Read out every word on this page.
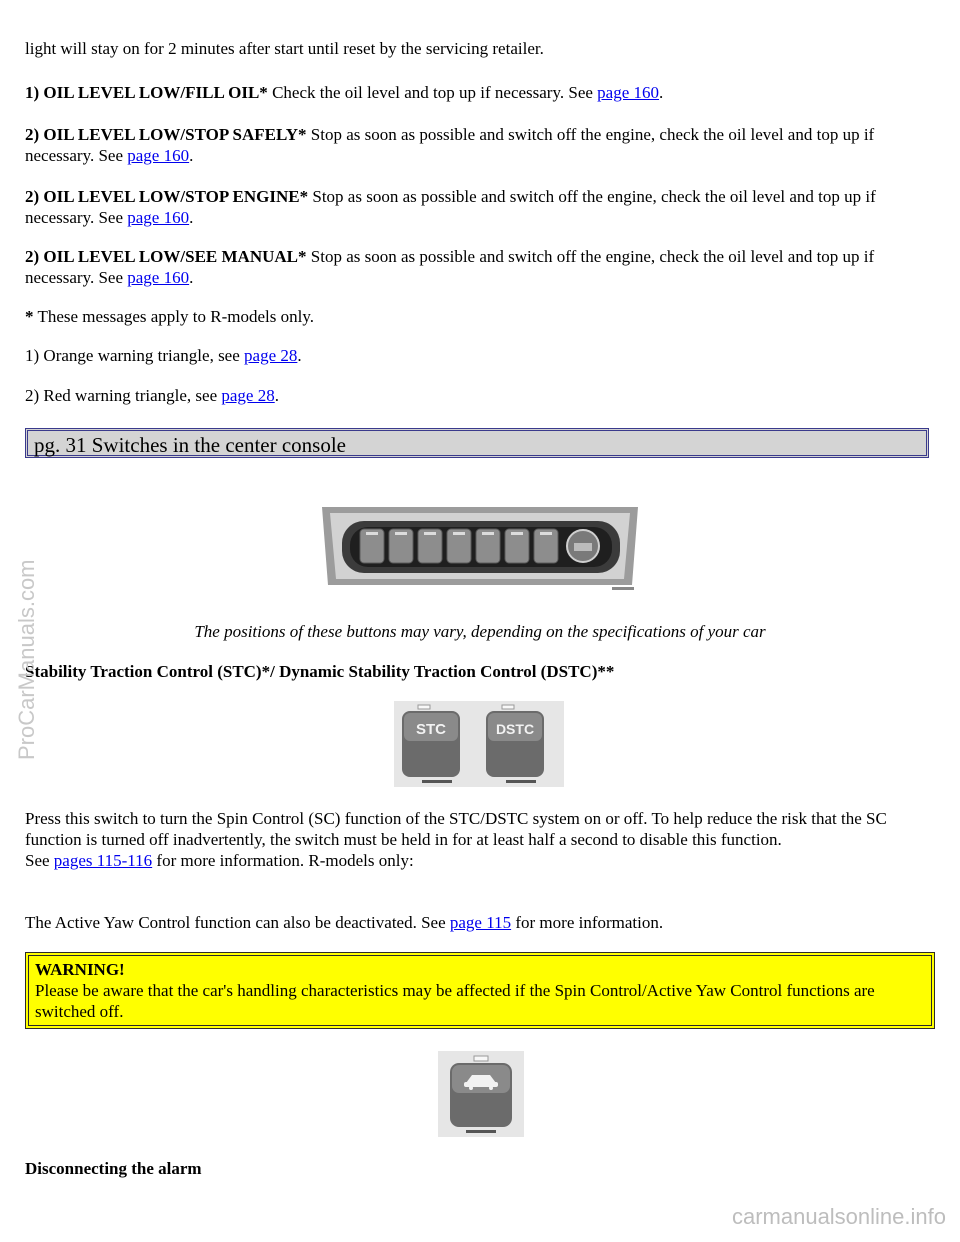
light will stay on for 2 minutes after start until reset by the servicing retailer.

1) OIL LEVEL LOW/FILL OIL* Check the oil level and top up if necessary. See page 160.

2) OIL LEVEL LOW/STOP SAFELY* Stop as soon as possible and switch off the engine, check the oil level and top up if necessary. See page 160.

2) OIL LEVEL LOW/STOP ENGINE* Stop as soon as possible and switch off the engine, check the oil level and top up if necessary. See page 160.

2) OIL LEVEL LOW/SEE MANUAL* Stop as soon as possible and switch off the engine, check the oil level and top up if necessary. See page 160.

* These messages apply to R-models only.

1) Orange warning triangle, see page 28.

2) Red warning triangle, see page 28.

pg. 31 Switches in the center console

The positions of these buttons may vary, depending on the specifications of your car

Stability Traction Control (STC)*/ Dynamic Stability Traction Control (DSTC)**

STC	DSTC

Press this switch to turn the Spin Control (SC) function of the STC/DSTC system on or off. To help reduce the risk that the SC function is turned off inadvertently, the switch must be held in for at least half a second to disable this function.
See pages 115-116 for more information. R-models only:

The Active Yaw Control function can also be deactivated. See page 115 for more information.

WARNING!
Please be aware that the car's handling characteristics may be affected if the Spin Control/Active Yaw Control functions are switched off.

Disconnecting the alarm

ProCarManuals.com
carmanualsonline.info
